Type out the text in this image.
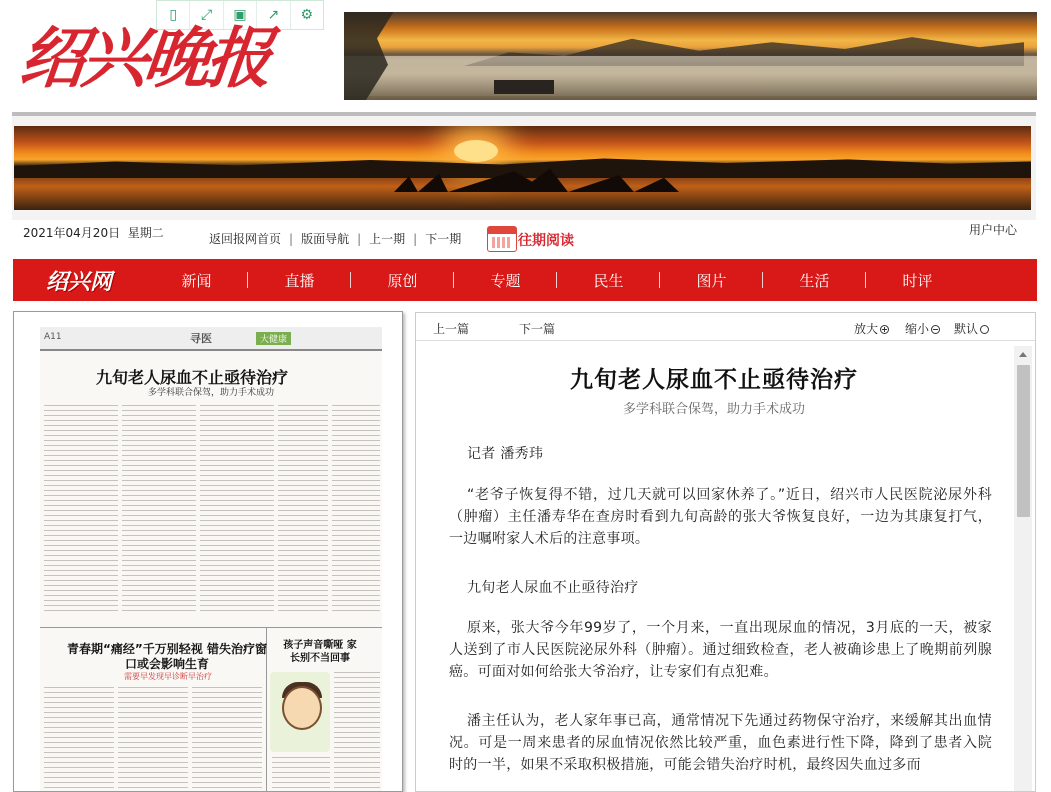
▯	⤢	▣	↗	⚙
绍兴晚报
2021年04月20日 星期二	返回报网首页 | 版面导航 | 上一期 | 下一期	往期阅读
用户中心
绍兴网	新闻	直播	原创	专题	民生	图片	生活	时评
A11	寻医	大健康
九旬老人尿血不止亟待治疗
多学科联合保驾，助力手术成功
青春期“痛经”千万别轻视 错失治疗窗口或会影响生育
需要早发现早诊断早治疗
孩子声音嘶哑 家长别不当回事
上一篇	下一篇	放大	缩小	默认
九旬老人尿血不止亟待治疗
多学科联合保驾，助力手术成功
记者 潘秀玮
“老爷子恢复得不错，过几天就可以回家休养了。”近日，绍兴市人民医院泌尿外科（肿瘤）主任潘寿华在查房时看到九旬高龄的张大爷恢复良好，一边为其康复打气，一边嘱咐家人术后的注意事项。
九旬老人尿血不止亟待治疗
原来，张大爷今年99岁了，一个月来，一直出现尿血的情况，3月底的一天，被家人送到了市人民医院泌尿外科（肿瘤）。通过细致检查，老人被确诊患上了晚期前列腺癌。可面对如何给张大爷治疗，让专家们有点犯难。
潘主任认为，老人家年事已高，通常情况下先通过药物保守治疗，来缓解其出血情况。可是一周来患者的尿血情况依然比较严重，血色素进行性下降，降到了患者入院时的一半，如果不采取积极措施，可能会错失治疗时机，最终因失血过多而
